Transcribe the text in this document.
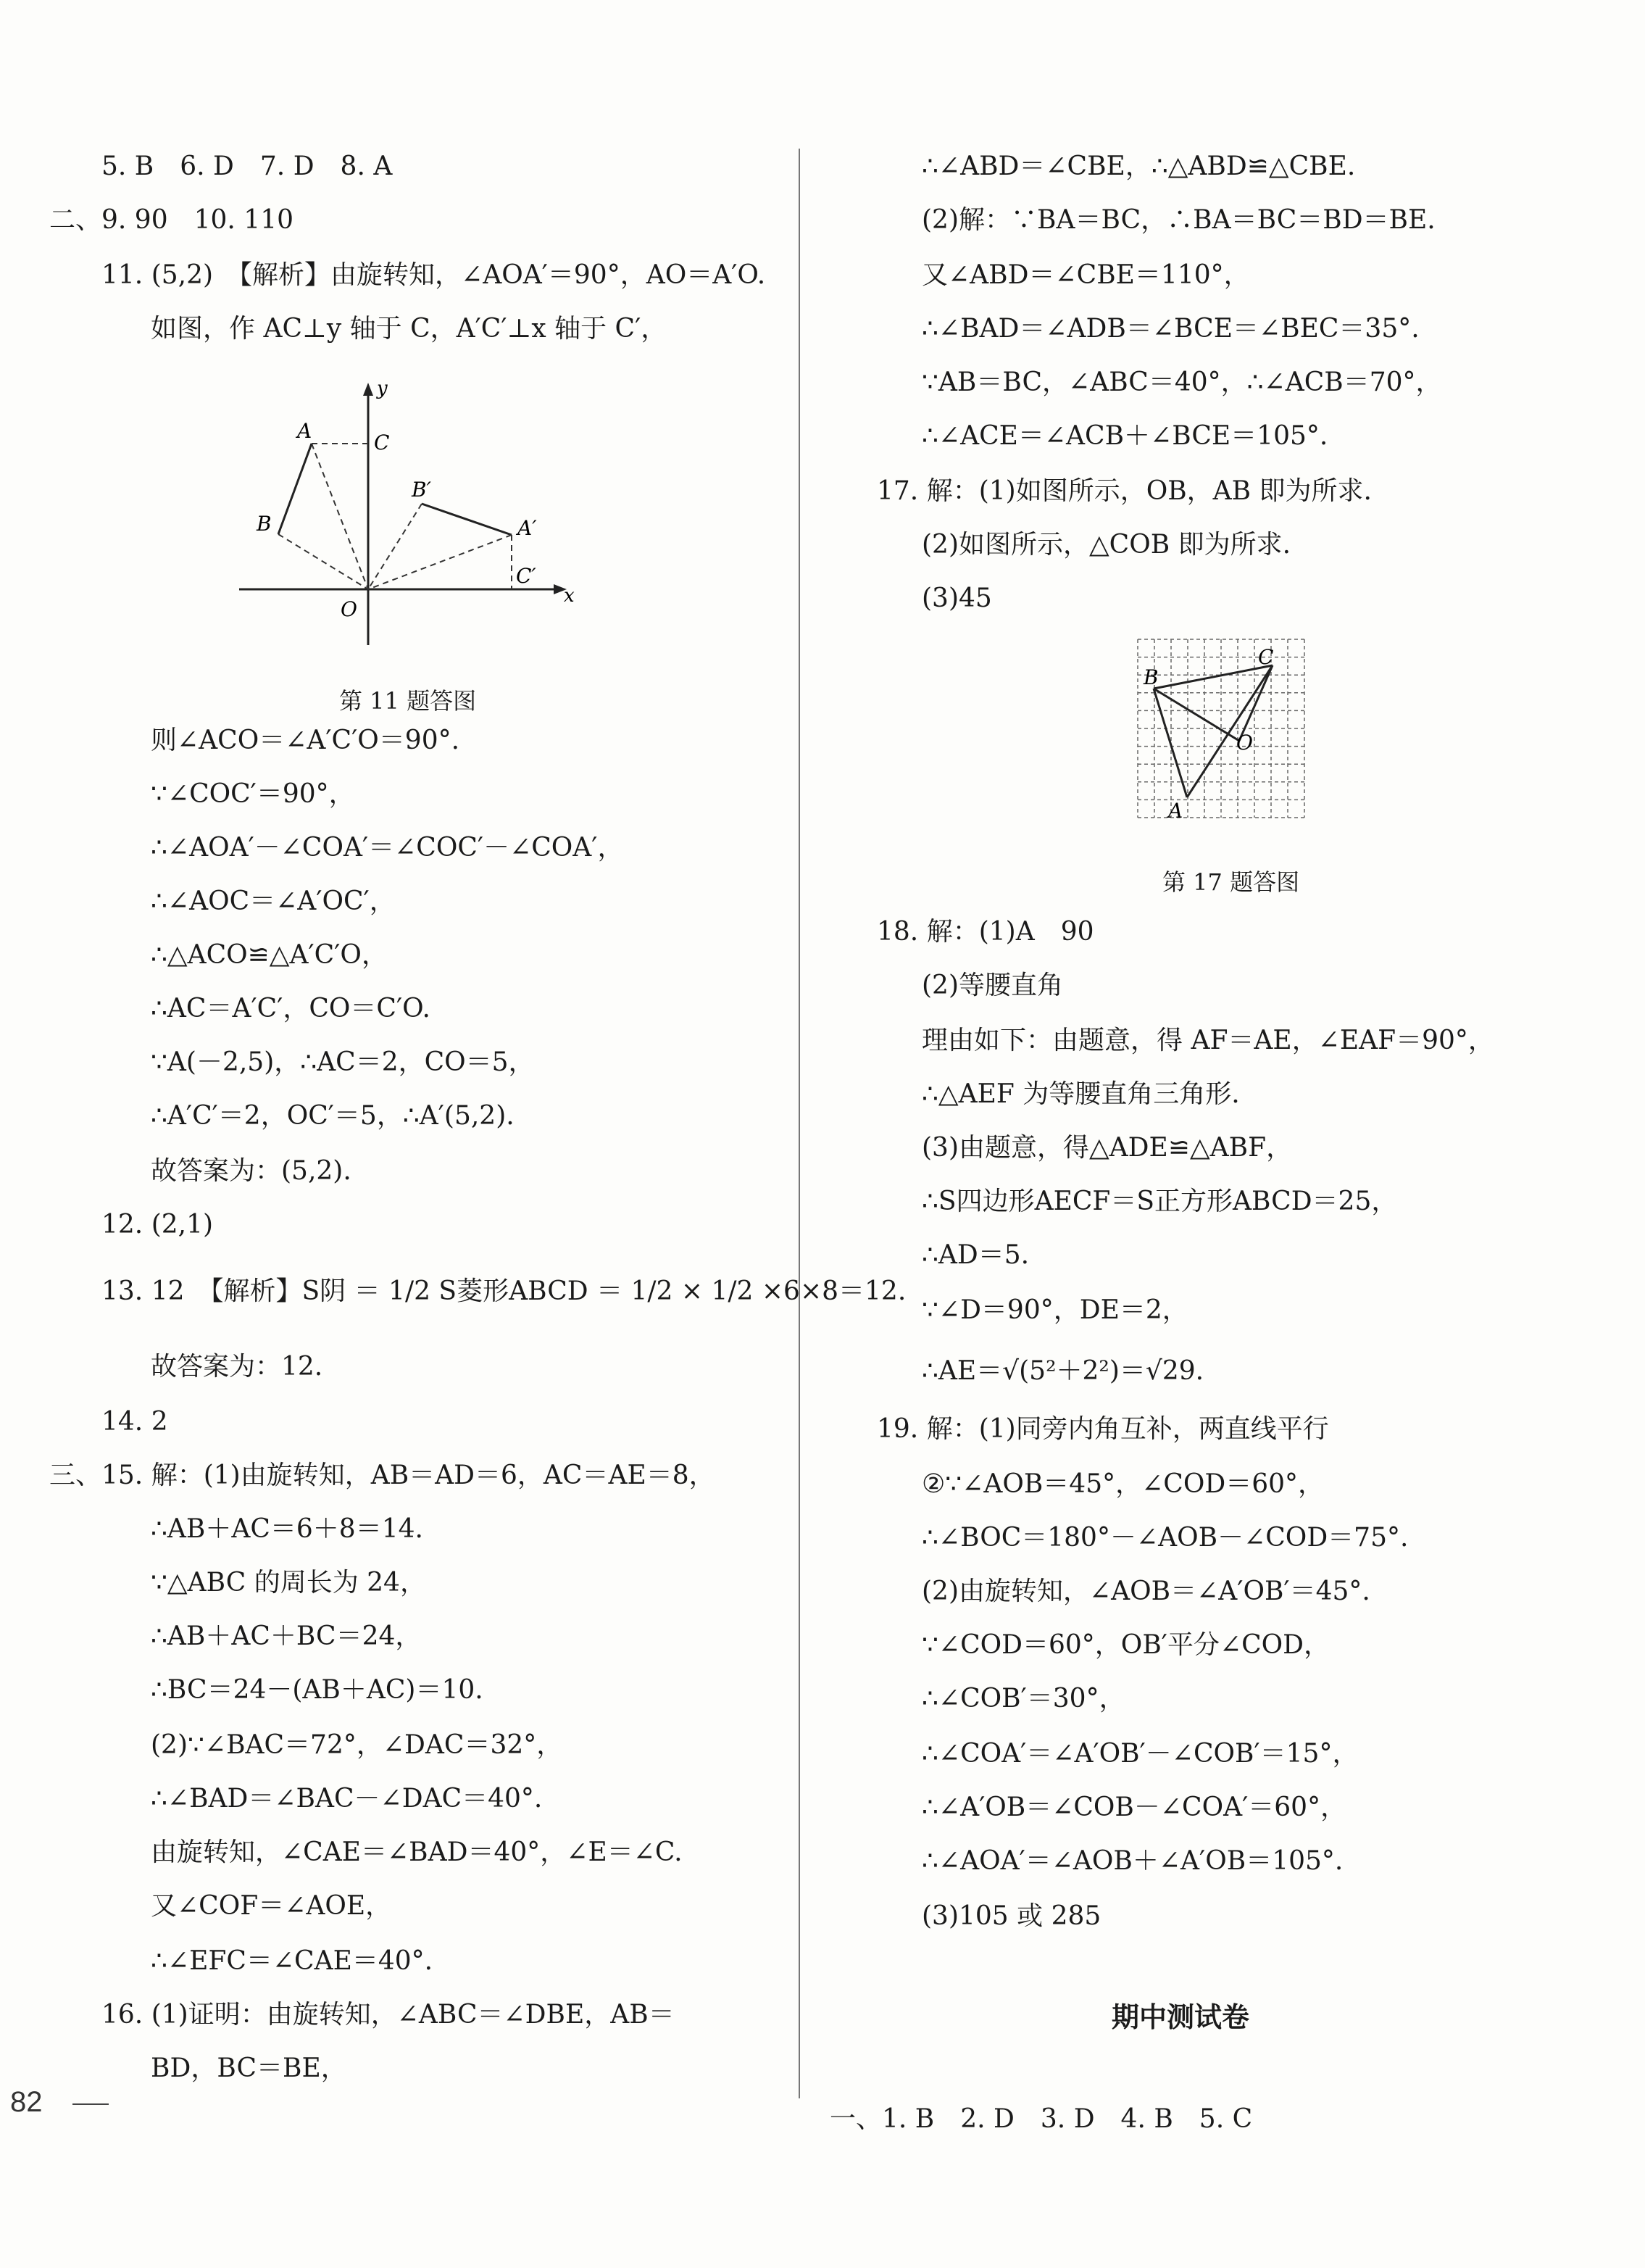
5. B　6. D　7. D　8. A
二、9. 90　10. 110
11. (5,2)　【解析】由旋转知，∠AOA′＝90°，AO＝A′O.
如图，作 AC⊥y 轴于 C，A′C′⊥x 轴于 C′，
则∠ACO＝∠A′C′O＝90°.
∵∠COC′＝90°，
∴∠AOA′－∠COA′＝∠COC′－∠COA′，
∴∠AOC＝∠A′OC′，
∴△ACO≌△A′C′O，
∴AC＝A′C′，CO＝C′O.
∵A(－2,5)，∴AC＝2，CO＝5，
∴A′C′＝2，OC′＝5，∴A′(5,2).
故答案为：(5,2).
12. (2,1)
13. 12　【解析】S阴 ＝ 1/2 S菱形ABCD ＝ 1/2 × 1/2 ×6×8＝12.
故答案为：12.
14. 2
三、15. 解：(1)由旋转知，AB＝AD＝6，AC＝AE＝8，
∴AB＋AC＝6＋8＝14.
∵△ABC 的周长为 24，
∴AB＋AC＋BC＝24，
∴BC＝24－(AB＋AC)＝10.
(2)∵∠BAC＝72°，∠DAC＝32°，
∴∠BAD＝∠BAC－∠DAC＝40°.
由旋转知，∠CAE＝∠BAD＝40°，∠E＝∠C.
又∠COF＝∠AOE，
∴∠EFC＝∠CAE＝40°.
16. (1)证明：由旋转知，∠ABC＝∠DBE，AB＝
BD，BC＝BE，
∴∠ABD＝∠CBE，∴△ABD≌△CBE.
(2)解：∵BA＝BC，∴BA＝BC＝BD＝BE.
又∠ABD＝∠CBE＝110°，
∴∠BAD＝∠ADB＝∠BCE＝∠BEC＝35°.
∵AB＝BC，∠ABC＝40°，∴∠ACB＝70°，
∴∠ACE＝∠ACB＋∠BCE＝105°.
17. 解：(1)如图所示，OB，AB 即为所求.
(2)如图所示，△COB 即为所求.
(3)45
18. 解：(1)A　90
(2)等腰直角
理由如下：由题意，得 AF＝AE，∠EAF＝90°，
∴△AEF 为等腰直角三角形.
(3)由题意，得△ADE≌△ABF，
∴S四边形AECF＝S正方形ABCD＝25，
∴AD＝5.
∵∠D＝90°，DE＝2，
∴AE＝√(5²＋2²)＝√29.
19. 解：(1)同旁内角互补，两直线平行
②∵∠AOB＝45°，∠COD＝60°，
∴∠BOC＝180°－∠AOB－∠COD＝75°.
(2)由旋转知，∠AOB＝∠A′OB′＝45°.
∵∠COD＝60°，OB′平分∠COD，
∴∠COB′＝30°，
∴∠COA′＝∠A′OB′－∠COB′＝15°，
∴∠A′OB＝∠COB－∠COA′＝60°，
∴∠AOA′＝∠AOB＋∠A′OB＝105°.
(3)105 或 285
一、1. B　2. D　3. D　4. B　5. C
y
x
O
A
B
C
B′
A′
C′
第 11 题答图
B
C
O
A
第 17 题答图
期中测试卷
82
